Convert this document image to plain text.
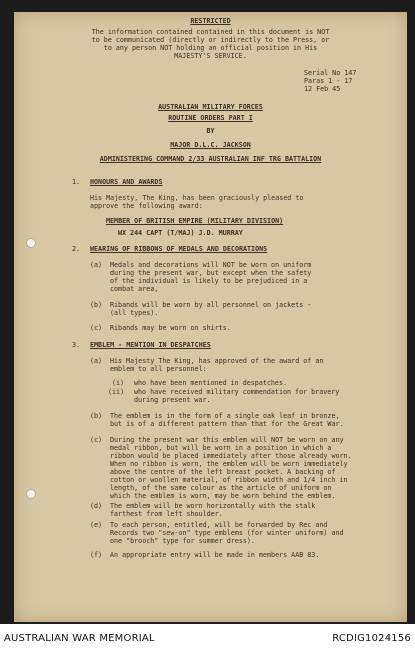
RESTRICTED
The information contained contained in this document is NOT
to be communicated (directly or indirectly to the Press, or
to any person NOT holding an official position in His
MAJESTY'S SERVICE.
Serial No 147
Paras 1 - 17
12 Feb 45
AUSTRALIAN MILITARY FORCES
ROUTINE ORDERS PART I
BY
MAJOR D.L.C. JACKSON
ADMINISTERING COMMAND 2/33 AUSTRALIAN INF TRG BATTALION
1. HONOURS AND AWARDS
His Majesty, The King, has been graciously pleased to
approve the following award:
MEMBER OF BRITISH EMPIRE (MILITARY DIVISION)
WX 244 CAPT (T/MAJ) J.D. MURRAY
2. WEARING OF RIBBONS OF MEDALS AND DECORATIONS
(a) Medals and decorations will NOT be worn on uniform
during the present war, but except when the safety
of the individual is likely to be prejudiced in a
combat area,
(b) Ribands will be worn by all personnel on jackets -
(all types).
(c) Ribands may be worn on shirts.
3. EMBLEM - MENTION IN DESPATCHES
(a) His Majesty The King, has approved of the award of an
emblem to all personnel:
(i) who have been mentioned in despatches.
(ii) who have received military commendation for bravery
during present war.
(b) The emblem is in the form of a single oak leaf in bronze,
but is of a different pattern than that for the Great War.
(c) During the present war this emblem will NOT be worn on any
medal ribbon, but will be worn in a position in which a
ribbon would be placed immediately after those already worn.
When no ribbon is worn, the emblem will be worn immediately
above the centre of the left breast pocket. A backing of
cotton or woollen material, of ribbon width and 1/4 inch in
length, of the same colour as the article of uniform on
which the emblem is worn, may be worn behind the emblem.
(d) The emblem will be worn horizontally with the stalk
farthest from left shoulder.
(e) To each person, entitled, will be forwarded by Rec and
Records two "sew-on" type emblems (for winter uniform) and
one "brooch" type for summer dress).
(f) An appropriate entry will be made in members AAB 83.
AUSTRALIAN WAR MEMORIAL	RCDIG1024156
